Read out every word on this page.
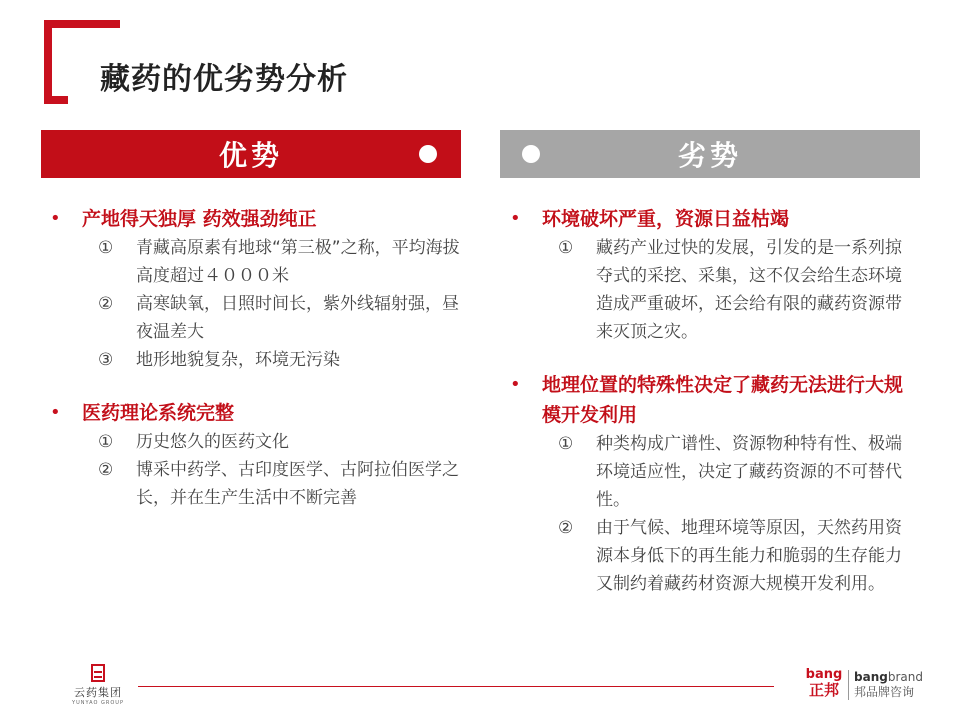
藏药的优劣势分析
优势	劣势
•	产地得天独厚 药效强劲纯正
①	青藏高原素有地球“第三极”之称，平均海拔高度超过４０００米
②	高寒缺氧，日照时间长，紫外线辐射强，昼夜温差大
③	地形地貌复杂，环境无污染
•	医药理论系统完整
①	历史悠久的医药文化
②	博采中药学、古印度医学、古阿拉伯医学之长，并在生产生活中不断完善
•	环境破坏严重，资源日益枯竭
①	藏药产业过快的发展，引发的是一系列掠夺式的采挖、采集，这不仅会给生态环境造成严重破坏，还会给有限的藏药资源带来灭顶之灾。
•	地理位置的特殊性决定了藏药无法进行大规模开发利用
①	种类构成广谱性、资源物种特有性、极端环境适应性，决定了藏药资源的不可替代性。
②	由于气候、地理环境等原因，天然药用资源本身低下的再生能力和脆弱的生存能力又制约着藏药材资源大规模开发利用。
云药集团
YUNYAO GROUP
bang
正邦
bangbrand
邦品牌咨询
